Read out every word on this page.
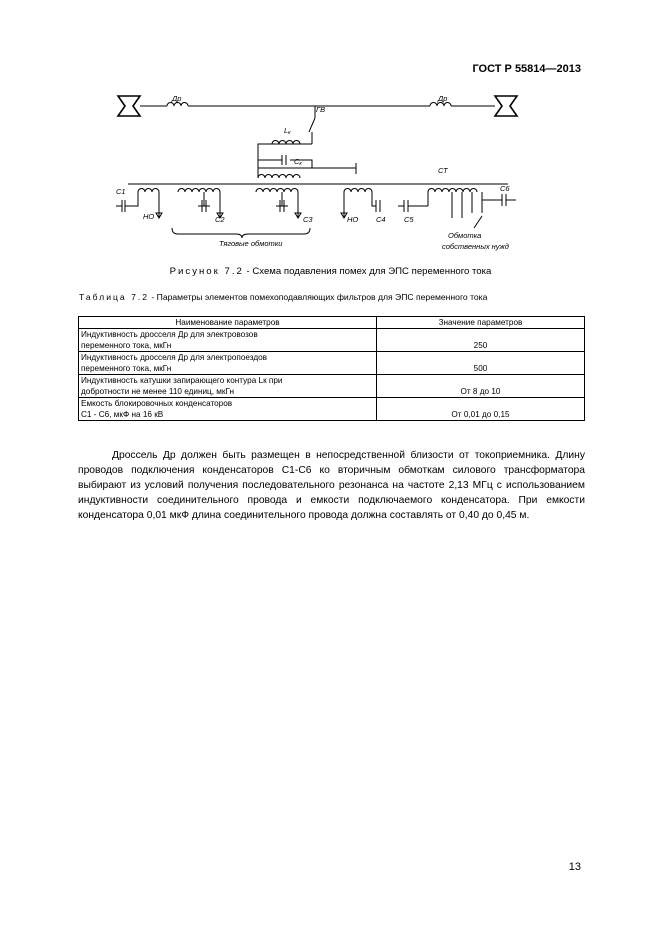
ГОСТ Р 55814—2013
Др	Др
ГВ
Lк
Cк
СТ
С1
НО	С2	С3
Тяговые обмотки
НО С4 С5
С6
Обмотка
собственных нужд
Рисунок 7.2 - Схема подавления помех для ЭПС переменного тока
Таблица 7.2 - Параметры элементов помехоподавляющих фильтров для ЭПС переменного тока
Наименование параметров	Значение параметров

Индуктивность дросселя Др для электровозов
переменного тока, мкГн	250

Индуктивность дросселя Др для электропоездов
переменного тока, мкГн	500

Индуктивность катушки запирающего контура Lк при
добротности не менее 110 единиц, мкГн	От 8 до 10

Емкость блокировочных конденсаторов
С1 - С6, мкФ на 16 кВ	От 0,01 до 0,15

Дроссель Др должен быть размещен в непосредственной близости от токоприемника. Длину проводов подключения конденсаторов С1-С6 ко вторичным обмоткам силового трансформатора выбирают из условий получения последовательного резонанса на частоте 2,13 МГц с использованием индуктивности соединительного провода и емкости подключаемого конденсатора. При емкости конденсатора 0,01 мкФ длина соединительного провода должна составлять от 0,40 до 0,45 м.

13
